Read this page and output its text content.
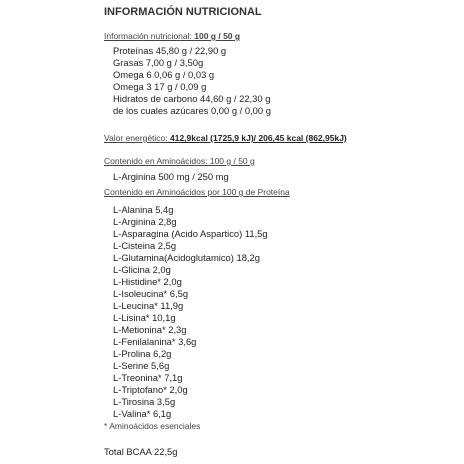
INFORMACIÓN NUTRICIONAL
Información nutricional: 100 g / 50 g
Proteínas 45,80 g / 22,90 g
Grasas 7,00 g / 3,50g
Omega 6 0,06 g / 0,03 g
Omega 3 17 g / 0,09 g
Hidratos de carbono 44,60 g / 22,30 g
de los cuales azúcares 0,00 g / 0,00 g
Valor energético: 412,9kcal (1725,9 kJ)/ 206,45 kcal (862,95kJ)
Contenido en Aminoácidos: 100 g / 50 g
L-Arginina 500 mg / 250 mg
Contenido en Aminoácidos por 100 g de Proteína
L-Alanina 5,4g
L-Arginina 2,8g
L-Asparagina (Acido Aspartico) 11,5g
L-Cisteina 2,5g
L-Glutamina(Acidoglutamico) 18,2g
L-Glicina 2,0g
L-Histidine* 2,0g
L-Isoleucina* 6,5g
L-Leucina* 11,9g
L-Lisina* 10,1g
L-Metionina* 2,3g
L-Fenilalanina* 3,6g
L-Prolina 6,2g
L-Serine 5,6g
L-Treonina* 7,1g
L-Triptofano* 2,0g
L-Tirosina 3,5g
L-Valina* 6,1g
* Aminoácidos esenciales
Total BCAA 22,5g
